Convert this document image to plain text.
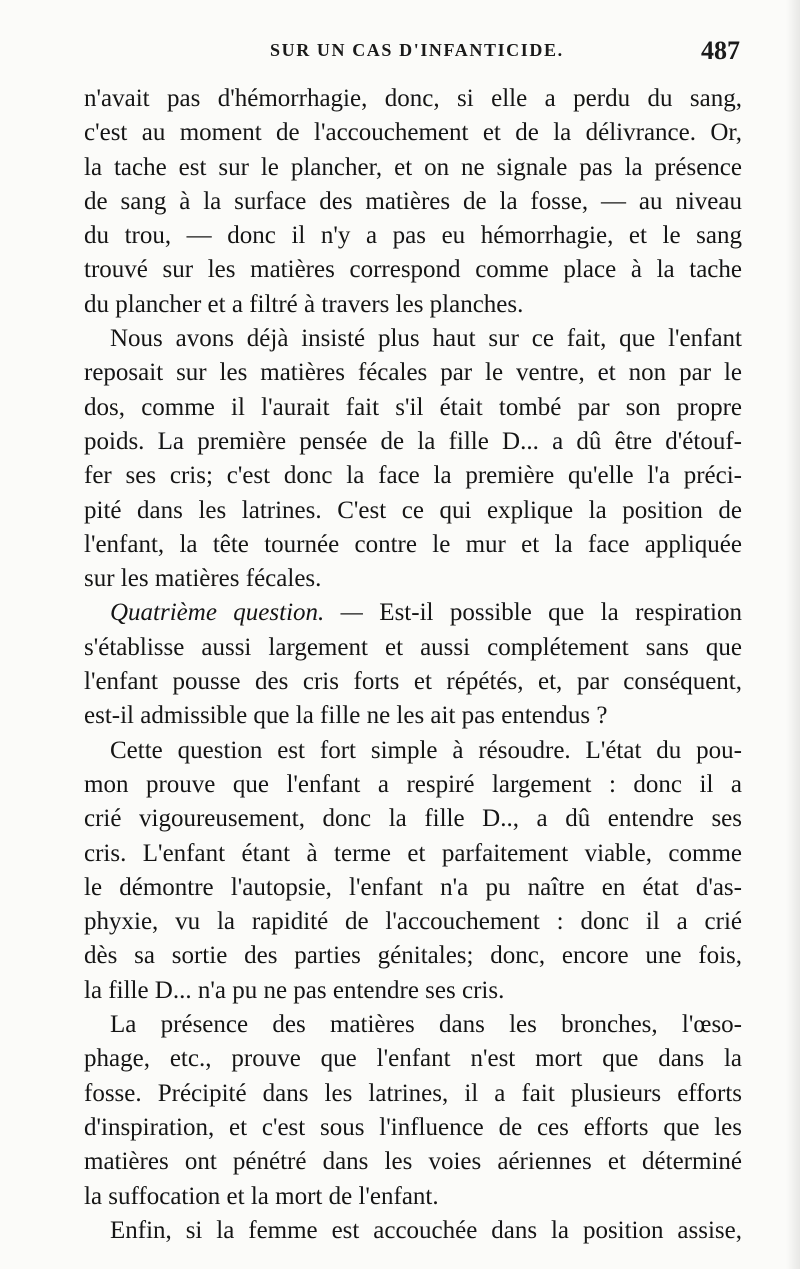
SUR UN CAS D'INFANTICIDE.	487
n'avait pas d'hémorrhagie, donc, si elle a perdu du sang,
c'est au moment de l'accouchement et de la délivrance. Or,
la tache est sur le plancher, et on ne signale pas la présence
de sang à la surface des matières de la fosse, — au niveau
du trou, — donc il n'y a pas eu hémorrhagie, et le sang
trouvé sur les matières correspond comme place à la tache
du plancher et a filtré à travers les planches.
Nous avons déjà insisté plus haut sur ce fait, que l'enfant
reposait sur les matières fécales par le ventre, et non par le
dos, comme il l'aurait fait s'il était tombé par son propre
poids. La première pensée de la fille D... a dû être d'étouf-
fer ses cris; c'est donc la face la première qu'elle l'a préci-
pité dans les latrines. C'est ce qui explique la position de
l'enfant, la tête tournée contre le mur et la face appliquée
sur les matières fécales.
Quatrième question. — Est-il possible que la respiration
s'établisse aussi largement et aussi complétement sans que
l'enfant pousse des cris forts et répétés, et, par conséquent,
est-il admissible que la fille ne les ait pas entendus ?
Cette question est fort simple à résoudre. L'état du pou-
mon prouve que l'enfant a respiré largement : donc il a
crié vigoureusement, donc la fille D.., a dû entendre ses
cris. L'enfant étant à terme et parfaitement viable, comme
le démontre l'autopsie, l'enfant n'a pu naître en état d'as-
phyxie, vu la rapidité de l'accouchement : donc il a crié
dès sa sortie des parties génitales; donc, encore une fois,
la fille D... n'a pu ne pas entendre ses cris.
La présence des matières dans les bronches, l'œso-
phage, etc., prouve que l'enfant n'est mort que dans la
fosse. Précipité dans les latrines, il a fait plusieurs efforts
d'inspiration, et c'est sous l'influence de ces efforts que les
matières ont pénétré dans les voies aériennes et déterminé
la suffocation et la mort de l'enfant.
Enfin, si la femme est accouchée dans la position assise,
